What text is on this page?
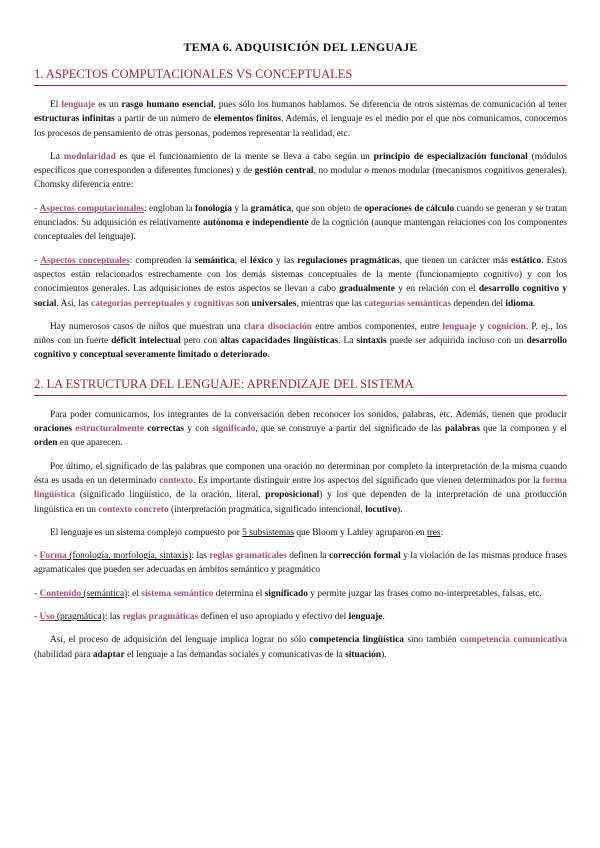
TEMA 6. ADQUISICIÓN DEL LENGUAJE
1. ASPECTOS COMPUTACIONALES VS CONCEPTUALES

El lenguaje es un rasgo humano esencial, pues sólo los humanos hablamos. Se diferencia de otros sistemas de comunicación al tener estructuras infinitas a partir de un número de elementos finitos. Además, el lenguaje es el medio por el que nos comunicamos, conocemos los procesos de pensamiento de otras personas, podemos representar la realidad, etc.

La modularidad es que el funcionamiento de la mente se lleva a cabo según un principio de especialización funcional (módulos específicos que corresponden a diferentes funciones) y de gestión central, no modular o menos modular (mecanismos cognitivos generales). Chomsky diferencia entre:

- Aspectos computacionales: engloban la fonología y la gramática, que son objeto de operaciones de cálculo cuando se generan y se tratan enunciados. Su adquisición es relativamente autónoma e independiente de la cognición (aunque mantengan relaciones con los componentes conceptuales del lenguaje).

- Aspectos conceptuales: comprenden la semántica, el léxico y las regulaciones pragmáticas, que tienen un carácter más estático. Estos aspectos están relacionados estrechamente con los demás sistemas conceptuales de la mente (funcionamiento cognitivo) y con los conocimientos generales. Las adquisiciones de estos aspectos se llevan a cabo gradualmente y en relación con el desarrollo cognitivo y social. Así, las categorías perceptuales y cognitivas son universales, mientras que las categorías semánticas dependen del idioma.

Hay numerosos casos de niños que muestran una clara disociación entre ambos componentes, entre lenguaje y cognición. P. ej., los niños con un fuerte déficit intelectual pero con altas capacidades lingüísticas. La sintaxis puede ser adquirida incluso con un desarrollo cognitivo y conceptual severamente limitado o deteriorado.

2. LA ESTRUCTURA DEL LENGUAJE: APRENDIZAJE DEL SISTEMA

Para poder comunicarnos, los integrantes de la conversación deben reconocer los sonidos, palabras, etc. Además, tienen que producir oraciones estructuralmente correctas y con significado, que se construye a partir del significado de las palabras que la componen y el orden en que aparecen.

Por último, el significado de las palabras que componen una oración no determinan por completo la interpretación de la misma cuando ésta es usada en un determinado contexto. Es importante distinguir entre los aspectos del significado que vienen determinados por la forma lingüística (significado lingüístico, de la oración, literal, proposicional) y los que dependen de la interpretación de una producción lingüística en un contexto concreto (interpretación pragmática, significado intencional, locutivo).

El lenguaje es un sistema complejo compuesto por 5 subsistemas que Bloom y Lahley agruparon en tres:

- Forma (fonología, morfología, sintaxis): las reglas gramaticales definen la corrección formal y la violación de las mismas produce frases agramaticales que pueden ser adecuadas en ámbitos semántico y pragmático

- Contenido (semántica): el sistema semántico determina el significado y permite juzgar las frases como no-interpretables, falsas, etc.

- Uso (pragmática): las reglas pragmáticas definen el uso apropiado y efectivo del lenguaje.

Así, el proceso de adquisición del lenguaje implica lograr no sólo competencia lingüística sino también competencia comunicativa (habilidad para adaptar el lenguaje a las demandas sociales y comunicativas de la situación).
